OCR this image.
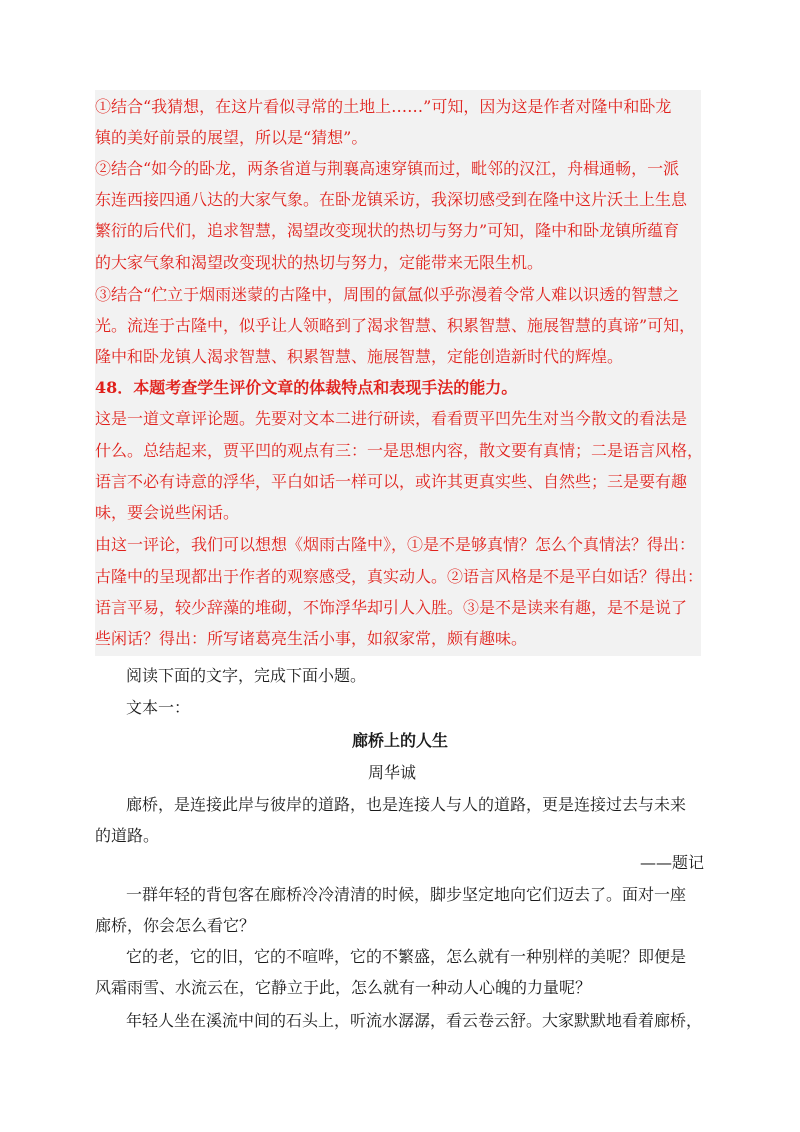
①结合“我猜想，在这片看似寻常的土地上……”可知，因为这是作者对隆中和卧龙
镇的美好前景的展望，所以是“猜想”。
②结合“如今的卧龙，两条省道与荆襄高速穿镇而过，毗邻的汉江，舟楫通畅，一派
东连西接四通八达的大家气象。在卧龙镇采访，我深切感受到在隆中这片沃土上生息
繁衍的后代们，追求智慧，渴望改变现状的热切与努力”可知，隆中和卧龙镇所蕴育
的大家气象和渴望改变现状的热切与努力，定能带来无限生机。
③结合“伫立于烟雨迷蒙的古隆中，周围的氤氲似乎弥漫着令常人难以识透的智慧之
光。流连于古隆中，似乎让人领略到了渴求智慧、积累智慧、施展智慧的真谛”可知，
隆中和卧龙镇人渴求智慧、积累智慧、施展智慧，定能创造新时代的辉煌。
48．本题考查学生评价文章的体裁特点和表现手法的能力。
这是一道文章评论题。先要对文本二进行研读，看看贾平凹先生对当今散文的看法是
什么。总结起来，贾平凹的观点有三：一是思想内容，散文要有真情；二是语言风格，
语言不必有诗意的浮华，平白如话一样可以，或许其更真实些、自然些；三是要有趣
味，要会说些闲话。
由这一评论，我们可以想想《烟雨古隆中》，①是不是够真情？怎么个真情法？得出：
古隆中的呈现都出于作者的观察感受，真实动人。②语言风格是不是平白如话？得出：
语言平易，较少辞藻的堆砌，不饰浮华却引人入胜。③是不是读来有趣，是不是说了
些闲话？得出：所写诸葛亮生活小事，如叙家常，颇有趣味。
阅读下面的文字，完成下面小题。
文本一：
廊桥上的人生
周华诚
廊桥，是连接此岸与彼岸的道路，也是连接人与人的道路，更是连接过去与未来
的道路。
——题记
一群年轻的背包客在廊桥冷冷清清的时候，脚步坚定地向它们迈去了。面对一座
廊桥，你会怎么看它？
它的老，它的旧，它的不喧哗，它的不繁盛，怎么就有一种别样的美呢？即便是
风霜雨雪、水流云在，它静立于此，怎么就有一种动人心魄的力量呢？
年轻人坐在溪流中间的石头上，听流水潺潺，看云卷云舒。大家默默地看着廊桥，
